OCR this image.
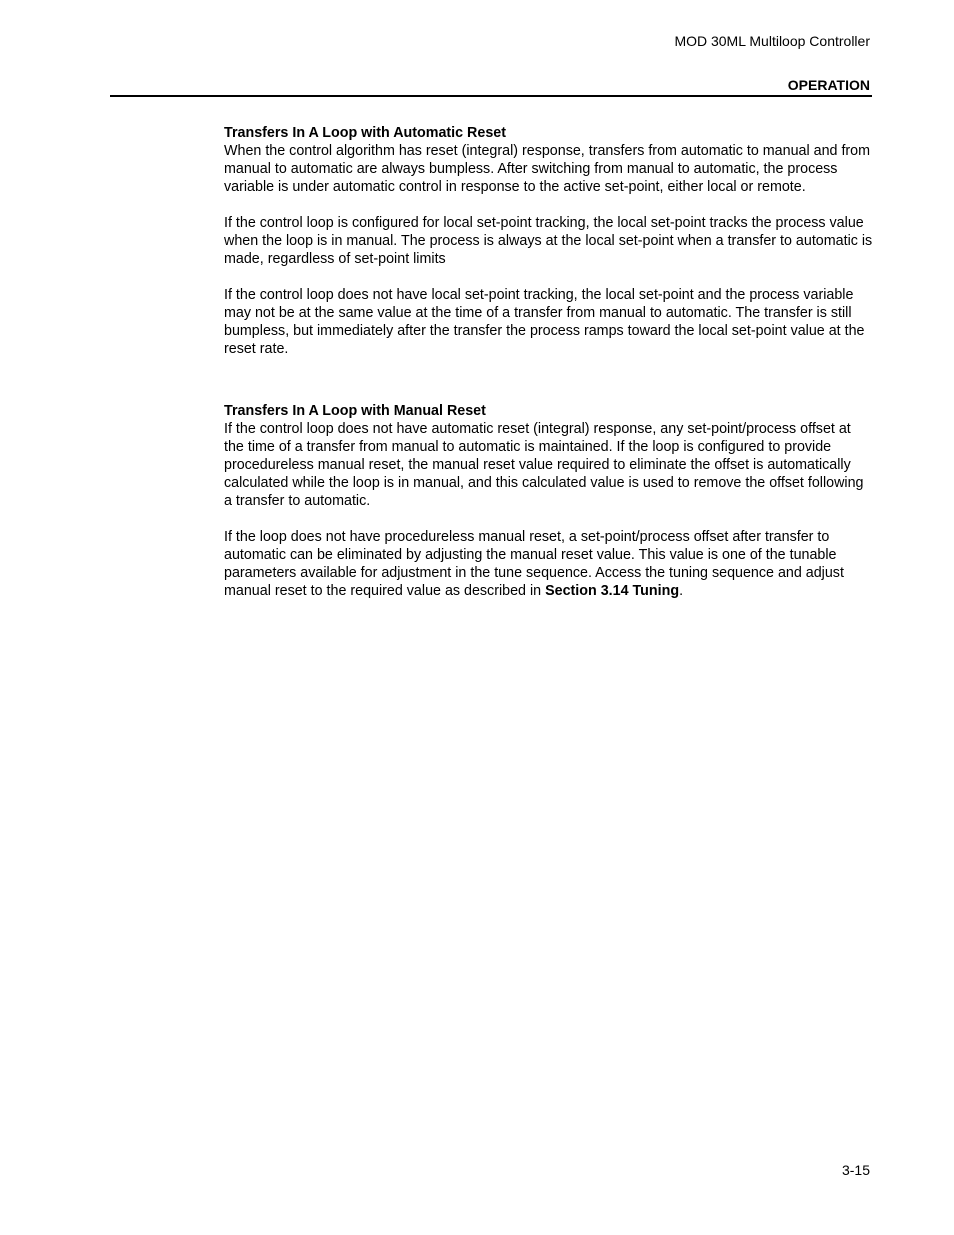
MOD 30ML Multiloop Controller
OPERATION

Transfers In A Loop with Automatic Reset

When the control algorithm has reset (integral) response, transfers from automatic to manual and from manual to automatic are always bumpless. After switching from manual to automatic, the process variable is under automatic control in response to the active set-point, either local or remote.

If the control loop is configured for local set-point tracking, the local set-point tracks the process value when the loop is in manual. The process is always at the local set-point when a transfer to automatic is made, regardless of set-point limits

If the control loop does not have local set-point tracking, the local set-point and the process variable may not be at the same value at the time of a transfer from manual to automatic. The transfer is still bumpless, but immediately after the transfer the process ramps toward the local set-point value at the reset rate.

Transfers In A Loop with Manual Reset

If the control loop does not have automatic reset (integral) response, any set-point/process offset at the time of a transfer from manual to automatic is maintained. If the loop is configured to provide procedureless manual reset, the manual reset value required to eliminate the offset is automatically calculated while the loop is in manual, and this calculated value is used to remove the offset following a transfer to automatic.

If the loop does not have procedureless manual reset, a set-point/process offset after transfer to automatic can be eliminated by adjusting the manual reset value. This value is one of the tunable parameters available for adjustment in the tune sequence. Access the tuning sequence and adjust manual reset to the required value as described in Section 3.14 Tuning.

3-15
